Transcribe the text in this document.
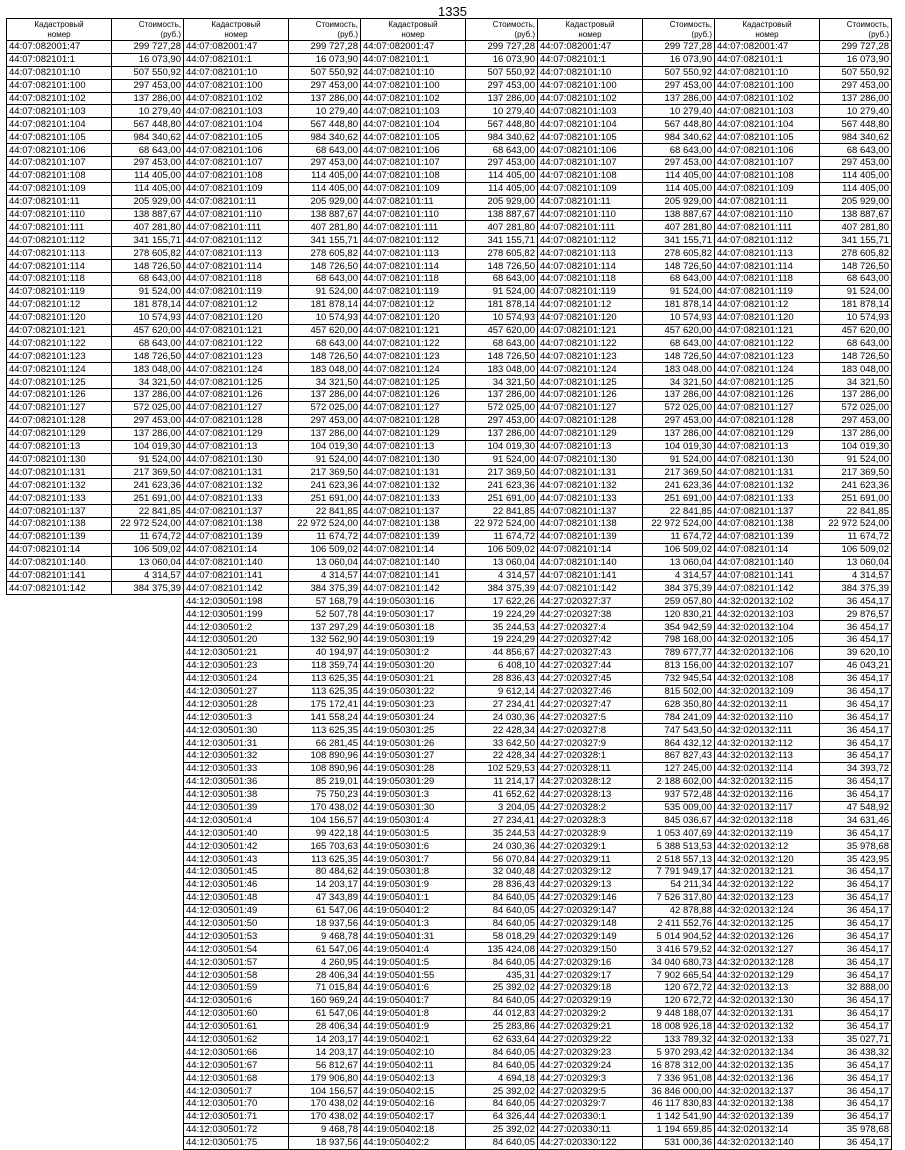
1335
Кадастровый
номер	Стоимость,
(руб.)

44:07:082001:47	299 727,28
44:07:082101:1	16 073,90
44:07:082101:10	507 550,92
44:07:082101:100	297 453,00
44:07:082101:102	137 286,00
44:07:082101:103	10 279,40
44:07:082101:104	567 448,80
44:07:082101:105	984 340,62
44:07:082101:106	68 643,00
44:07:082101:107	297 453,00
44:07:082101:108	114 405,00
44:07:082101:109	114 405,00
44:07:082101:11	205 929,00
44:07:082101:110	138 887,67
44:07:082101:111	407 281,80
44:07:082101:112	341 155,71
44:07:082101:113	278 605,82
44:07:082101:114	148 726,50
44:07:082101:118	68 643,00
44:07:082101:119	91 524,00
44:07:082101:12	181 878,14
44:07:082101:120	10 574,93
44:07:082101:121	457 620,00
44:07:082101:122	68 643,00
44:07:082101:123	148 726,50
44:07:082101:124	183 048,00
44:07:082101:125	34 321,50
44:07:082101:126	137 286,00
44:07:082101:127	572 025,00
44:07:082101:128	297 453,00
44:07:082101:129	137 286,00
44:07:082101:13	104 019,30
44:07:082101:130	91 524,00
44:07:082101:131	217 369,50
44:07:082101:132	241 623,36
44:07:082101:133	251 691,00
44:07:082101:137	22 841,85
44:07:082101:138	22 972 524,00
44:07:082101:139	11 674,72
44:07:082101:14	106 509,02
44:07:082101:140	13 060,04
44:07:082101:141	4 314,57
44:07:082101:142	384 375,39
Кадастровый
номер	Стоимость,
(руб.)

44:07:082001:47	299 727,28
44:07:082101:1	16 073,90
44:07:082101:10	507 550,92
44:07:082101:100	297 453,00
44:07:082101:102	137 286,00
44:07:082101:103	10 279,40
44:07:082101:104	567 448,80
44:07:082101:105	984 340,62
44:07:082101:106	68 643,00
44:07:082101:107	297 453,00
44:07:082101:108	114 405,00
44:07:082101:109	114 405,00
44:07:082101:11	205 929,00
44:07:082101:110	138 887,67
44:07:082101:111	407 281,80
44:07:082101:112	341 155,71
44:07:082101:113	278 605,82
44:07:082101:114	148 726,50
44:07:082101:118	68 643,00
44:07:082101:119	91 524,00
44:07:082101:12	181 878,14
44:07:082101:120	10 574,93
44:07:082101:121	457 620,00
44:07:082101:122	68 643,00
44:07:082101:123	148 726,50
44:07:082101:124	183 048,00
44:07:082101:125	34 321,50
44:07:082101:126	137 286,00
44:07:082101:127	572 025,00
44:07:082101:128	297 453,00
44:07:082101:129	137 286,00
44:07:082101:13	104 019,30
44:07:082101:130	91 524,00
44:07:082101:131	217 369,50
44:07:082101:132	241 623,36
44:07:082101:133	251 691,00
44:07:082101:137	22 841,85
44:07:082101:138	22 972 524,00
44:07:082101:139	11 674,72
44:07:082101:14	106 509,02
44:07:082101:140	13 060,04
44:07:082101:141	4 314,57
44:07:082101:142	384 375,39
44:12:030501:198	57 168,79
44:12:030501:199	52 507,78
44:12:030501:2	137 297,29
44:12:030501:20	132 562,90
44:12:030501:21	40 194,97
44:12:030501:23	118 359,74
44:12:030501:24	113 625,35
44:12:030501:27	113 625,35
44:12:030501:28	175 172,41
44:12:030501:3	141 558,24
44:12:030501:30	113 625,35
44:12:030501:31	66 281,45
44:12:030501:32	108 890,96
44:12:030501:33	108 890,96
44:12:030501:36	85 219,01
44:12:030501:38	75 750,23
44:12:030501:39	170 438,02
44:12:030501:4	104 156,57
44:12:030501:40	99 422,18
44:12:030501:42	165 703,63
44:12:030501:43	113 625,35
44:12:030501:45	80 484,62
44:12:030501:46	14 203,17
44:12:030501:48	47 343,89
44:12:030501:49	61 547,06
44:12:030501:50	18 937,56
44:12:030501:53	9 468,78
44:12:030501:54	61 547,06
44:12:030501:57	4 260,95
44:12:030501:58	28 406,34
44:12:030501:59	71 015,84
44:12:030501:6	160 969,24
44:12:030501:60	61 547,06
44:12:030501:61	28 406,34
44:12:030501:62	14 203,17
44:12:030501:66	14 203,17
44:12:030501:67	56 812,67
44:12:030501:68	179 906,80
44:12:030501:7	104 156,57
44:12:030501:70	170 438,02
44:12:030501:71	170 438,02
44:12:030501:72	9 468,78
44:12:030501:75	18 937,56
Кадастровый
номер	Стоимость,
(руб.)

44:07:082001:47	299 727,28
44:07:082101:1	16 073,90
44:07:082101:10	507 550,92
44:07:082101:100	297 453,00
44:07:082101:102	137 286,00
44:07:082101:103	10 279,40
44:07:082101:104	567 448,80
44:07:082101:105	984 340,62
44:07:082101:106	68 643,00
44:07:082101:107	297 453,00
44:07:082101:108	114 405,00
44:07:082101:109	114 405,00
44:07:082101:11	205 929,00
44:07:082101:110	138 887,67
44:07:082101:111	407 281,80
44:07:082101:112	341 155,71
44:07:082101:113	278 605,82
44:07:082101:114	148 726,50
44:07:082101:118	68 643,00
44:07:082101:119	91 524,00
44:07:082101:12	181 878,14
44:07:082101:120	10 574,93
44:07:082101:121	457 620,00
44:07:082101:122	68 643,00
44:07:082101:123	148 726,50
44:07:082101:124	183 048,00
44:07:082101:125	34 321,50
44:07:082101:126	137 286,00
44:07:082101:127	572 025,00
44:07:082101:128	297 453,00
44:07:082101:129	137 286,00
44:07:082101:13	104 019,30
44:07:082101:130	91 524,00
44:07:082101:131	217 369,50
44:07:082101:132	241 623,36
44:07:082101:133	251 691,00
44:07:082101:137	22 841,85
44:07:082101:138	22 972 524,00
44:07:082101:139	11 674,72
44:07:082101:14	106 509,02
44:07:082101:140	13 060,04
44:07:082101:141	4 314,57
44:07:082101:142	384 375,39
44:19:050301:16	17 622,26
44:19:050301:17	19 224,29
44:19:050301:18	35 244,53
44:19:050301:19	19 224,29
44:19:050301:2	44 856,67
44:19:050301:20	6 408,10
44:19:050301:21	28 836,43
44:19:050301:22	9 612,14
44:19:050301:23	27 234,41
44:19:050301:24	24 030,36
44:19:050301:25	22 428,34
44:19:050301:26	33 642,50
44:19:050301:27	22 428,34
44:19:050301:28	102 529,53
44:19:050301:29	11 214,17
44:19:050301:3	41 652,62
44:19:050301:30	3 204,05
44:19:050301:4	27 234,41
44:19:050301:5	35 244,53
44:19:050301:6	24 030,36
44:19:050301:7	56 070,84
44:19:050301:8	32 040,48
44:19:050301:9	28 836,43
44:19:050401:1	84 640,05
44:19:050401:2	84 640,05
44:19:050401:3	84 640,05
44:19:050401:31	58 018,29
44:19:050401:4	135 424,08
44:19:050401:5	84 640,05
44:19:050401:55	435,31
44:19:050401:6	25 392,02
44:19:050401:7	84 640,05
44:19:050401:8	44 012,83
44:19:050401:9	25 283,86
44:19:050402:1	62 633,64
44:19:050402:10	84 640,05
44:19:050402:11	84 640,05
44:19:050402:13	4 694,18
44:19:050402:15	25 392,02
44:19:050402:16	84 640,05
44:19:050402:17	64 326,44
44:19:050402:18	25 392,02
44:19:050402:2	84 640,05
Кадастровый
номер	Стоимость,
(руб.)

44:07:082001:47	299 727,28
44:07:082101:1	16 073,90
44:07:082101:10	507 550,92
44:07:082101:100	297 453,00
44:07:082101:102	137 286,00
44:07:082101:103	10 279,40
44:07:082101:104	567 448,80
44:07:082101:105	984 340,62
44:07:082101:106	68 643,00
44:07:082101:107	297 453,00
44:07:082101:108	114 405,00
44:07:082101:109	114 405,00
44:07:082101:11	205 929,00
44:07:082101:110	138 887,67
44:07:082101:111	407 281,80
44:07:082101:112	341 155,71
44:07:082101:113	278 605,82
44:07:082101:114	148 726,50
44:07:082101:118	68 643,00
44:07:082101:119	91 524,00
44:07:082101:12	181 878,14
44:07:082101:120	10 574,93
44:07:082101:121	457 620,00
44:07:082101:122	68 643,00
44:07:082101:123	148 726,50
44:07:082101:124	183 048,00
44:07:082101:125	34 321,50
44:07:082101:126	137 286,00
44:07:082101:127	572 025,00
44:07:082101:128	297 453,00
44:07:082101:129	137 286,00
44:07:082101:13	104 019,30
44:07:082101:130	91 524,00
44:07:082101:131	217 369,50
44:07:082101:132	241 623,36
44:07:082101:133	251 691,00
44:07:082101:137	22 841,85
44:07:082101:138	22 972 524,00
44:07:082101:139	11 674,72
44:07:082101:14	106 509,02
44:07:082101:140	13 060,04
44:07:082101:141	4 314,57
44:07:082101:142	384 375,39
44:27:020327:37	259 057,80
44:27:020327:38	120 830,21
44:27:020327:4	354 942,59
44:27:020327:42	798 168,00
44:27:020327:43	789 677,77
44:27:020327:44	813 156,00
44:27:020327:45	732 945,54
44:27:020327:46	815 502,00
44:27:020327:47	628 350,80
44:27:020327:5	784 241,09
44:27:020327:8	747 543,50
44:27:020327:9	864 432,12
44:27:020328:1	867 827,43
44:27:020328:11	127 245,00
44:27:020328:12	2 188 602,00
44:27:020328:13	937 572,48
44:27:020328:2	535 009,00
44:27:020328:3	845 036,67
44:27:020328:9	1 053 407,69
44:27:020329:1	5 388 513,53
44:27:020329:11	2 518 557,13
44:27:020329:12	7 791 949,17
44:27:020329:13	54 211,34
44:27:020329:146	7 526 317,80
44:27:020329:147	42 878,88
44:27:020329:148	2 411 552,76
44:27:020329:149	5 014 904,52
44:27:020329:150	3 416 579,52
44:27:020329:16	34 040 680,73
44:27:020329:17	7 902 665,54
44:27:020329:18	120 672,72
44:27:020329:19	120 672,72
44:27:020329:2	9 448 188,07
44:27:020329:21	18 008 926,18
44:27:020329:22	133 789,32
44:27:020329:23	5 970 293,42
44:27:020329:24	16 878 312,00
44:27:020329:3	7 336 951,08
44:27:020329:5	36 846 000,00
44:27:020329:7	46 117 830,83
44:27:020330:1	1 142 541,90
44:27:020330:11	1 194 659,85
44:27:020330:122	531 000,36
Кадастровый
номер	Стоимость,
(руб.)

44:07:082001:47	299 727,28
44:07:082101:1	16 073,90
44:07:082101:10	507 550,92
44:07:082101:100	297 453,00
44:07:082101:102	137 286,00
44:07:082101:103	10 279,40
44:07:082101:104	567 448,80
44:07:082101:105	984 340,62
44:07:082101:106	68 643,00
44:07:082101:107	297 453,00
44:07:082101:108	114 405,00
44:07:082101:109	114 405,00
44:07:082101:11	205 929,00
44:07:082101:110	138 887,67
44:07:082101:111	407 281,80
44:07:082101:112	341 155,71
44:07:082101:113	278 605,82
44:07:082101:114	148 726,50
44:07:082101:118	68 643,00
44:07:082101:119	91 524,00
44:07:082101:12	181 878,14
44:07:082101:120	10 574,93
44:07:082101:121	457 620,00
44:07:082101:122	68 643,00
44:07:082101:123	148 726,50
44:07:082101:124	183 048,00
44:07:082101:125	34 321,50
44:07:082101:126	137 286,00
44:07:082101:127	572 025,00
44:07:082101:128	297 453,00
44:07:082101:129	137 286,00
44:07:082101:13	104 019,30
44:07:082101:130	91 524,00
44:07:082101:131	217 369,50
44:07:082101:132	241 623,36
44:07:082101:133	251 691,00
44:07:082101:137	22 841,85
44:07:082101:138	22 972 524,00
44:07:082101:139	11 674,72
44:07:082101:14	106 509,02
44:07:082101:140	13 060,04
44:07:082101:141	4 314,57
44:07:082101:142	384 375,39
44:32:020132:102	36 454,17
44:32:020132:103	29 876,57
44:32:020132:104	36 454,17
44:32:020132:105	36 454,17
44:32:020132:106	39 620,10
44:32:020132:107	46 043,21
44:32:020132:108	36 454,17
44:32:020132:109	36 454,17
44:32:020132:11	36 454,17
44:32:020132:110	36 454,17
44:32:020132:111	36 454,17
44:32:020132:112	36 454,17
44:32:020132:113	36 454,17
44:32:020132:114	34 393,72
44:32:020132:115	36 454,17
44:32:020132:116	36 454,17
44:32:020132:117	47 548,92
44:32:020132:118	34 631,46
44:32:020132:119	36 454,17
44:32:020132:12	35 978,68
44:32:020132:120	35 423,95
44:32:020132:121	36 454,17
44:32:020132:122	36 454,17
44:32:020132:123	36 454,17
44:32:020132:124	36 454,17
44:32:020132:125	36 454,17
44:32:020132:126	36 454,17
44:32:020132:127	36 454,17
44:32:020132:128	36 454,17
44:32:020132:129	36 454,17
44:32:020132:13	32 888,00
44:32:020132:130	36 454,17
44:32:020132:131	36 454,17
44:32:020132:132	36 454,17
44:32:020132:133	35 027,71
44:32:020132:134	36 438,32
44:32:020132:135	36 454,17
44:32:020132:136	36 454,17
44:32:020132:137	36 454,17
44:32:020132:138	36 454,17
44:32:020132:139	36 454,17
44:32:020132:14	35 978,68
44:32:020132:140	36 454,17
